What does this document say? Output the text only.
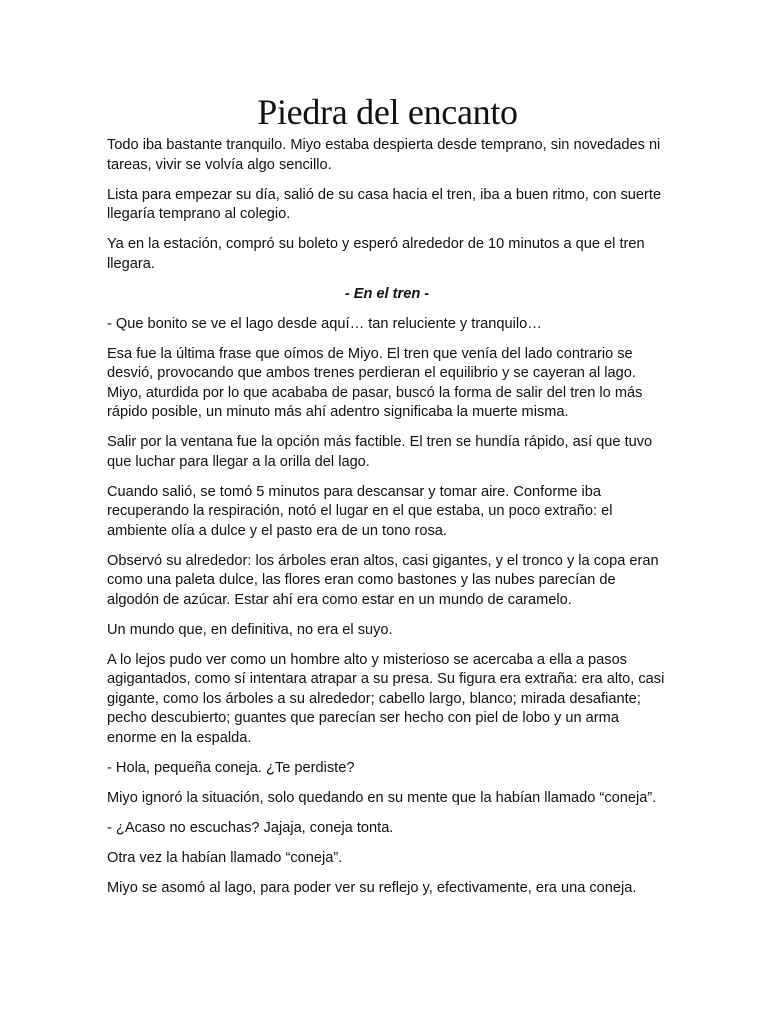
Piedra del encanto

Todo iba bastante tranquilo. Miyo estaba despierta desde temprano, sin novedades ni tareas, vivir se volvía algo sencillo.

Lista para empezar su día, salió de su casa hacia el tren, iba a buen ritmo, con suerte llegaría temprano al colegio.

Ya en la estación, compró su boleto y esperó alrededor de 10 minutos a que el tren llegara.

- En el tren -

- Que bonito se ve el lago desde aquí… tan reluciente y tranquilo…

Esa fue la última frase que oímos de Miyo. El tren que venía del lado contrario se desvió, provocando que ambos trenes perdieran el equilibrio y se cayeran al lago. Miyo, aturdida por lo que acababa de pasar, buscó la forma de salir del tren lo más rápido posible, un minuto más ahí adentro significaba la muerte misma.

Salir por la ventana fue la opción más factible. El tren se hundía rápido, así que tuvo que luchar para llegar a la orilla del lago.

Cuando salió, se tomó 5 minutos para descansar y tomar aire. Conforme iba recuperando la respiración, notó el lugar en el que estaba, un poco extraño: el ambiente olía a dulce y el pasto era de un tono rosa.

Observó su alrededor: los árboles eran altos, casi gigantes, y el tronco y la copa eran como una paleta dulce, las flores eran como bastones y las nubes parecían de algodón de azúcar. Estar ahí era como estar en un mundo de caramelo.

Un mundo que, en definitiva, no era el suyo.

A lo lejos pudo ver como un hombre alto y misterioso se acercaba a ella a pasos agigantados, como sí intentara atrapar a su presa. Su figura era extraña: era alto, casi gigante, como los árboles a su alrededor; cabello largo, blanco; mirada desafiante; pecho descubierto; guantes que parecían ser hecho con piel de lobo y un arma enorme en la espalda.

- Hola, pequeña coneja. ¿Te perdiste?

Miyo ignoró la situación, solo quedando en su mente que la habían llamado “coneja”.

- ¿Acaso no escuchas? Jajaja, coneja tonta.

Otra vez la habían llamado “coneja”.

Miyo se asomó al lago, para poder ver su reflejo y, efectivamente, era una coneja.
